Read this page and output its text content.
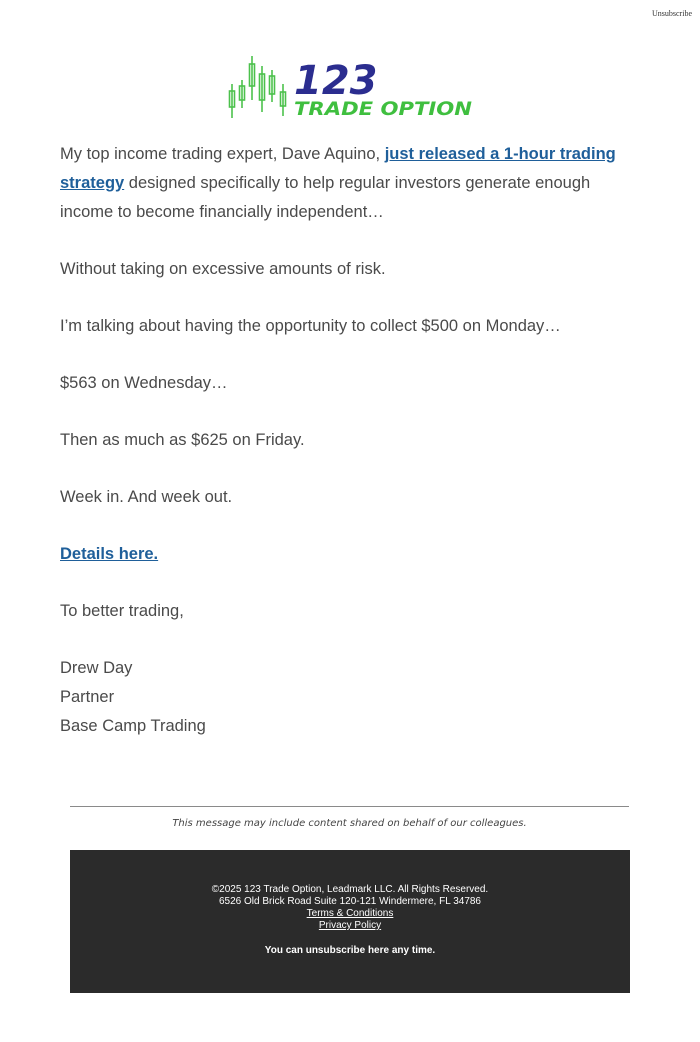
Unsubscribe
123
TRADE OPTION

My top income trading expert, Dave Aquino, just released a 1-hour trading strategy designed specifically to help regular investors generate enough income to become financially independent…

Without taking on excessive amounts of risk.

I’m talking about having the opportunity to collect $500 on Monday…

$563 on Wednesday…

Then as much as $625 on Friday.

Week in. And week out.

Details here.

To better trading,

Drew Day
Partner
Base Camp Trading
This message may include content shared on behalf of our colleagues.
©2025 123 Trade Option, Leadmark LLC. All Rights Reserved.
6526 Old Brick Road Suite 120-121 Windermere, FL 34786
Terms & Conditions
Privacy Policy
You can unsubscribe here any time.
